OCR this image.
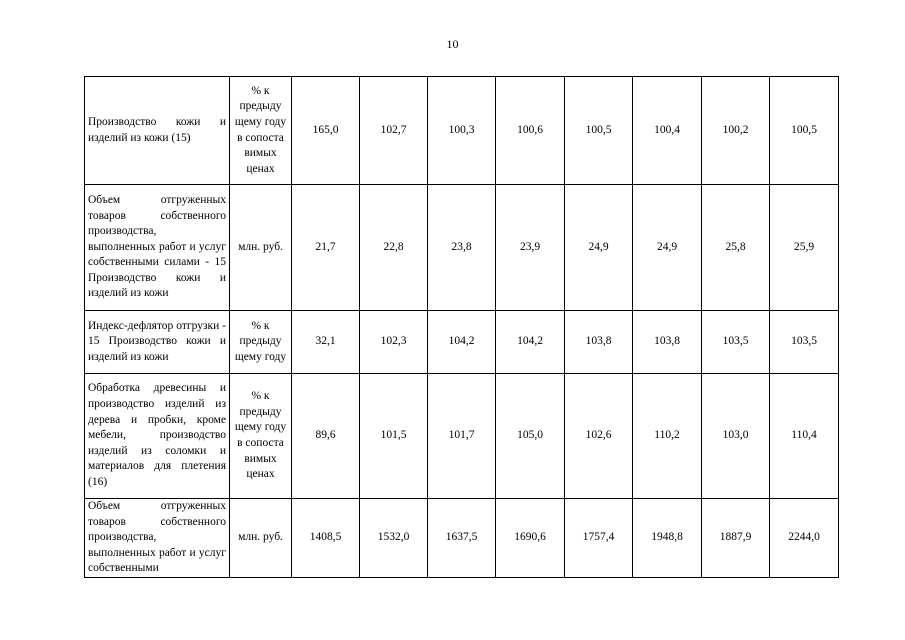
10
Производство кожи и изделий из кожи (15)	% к предыду щему году в сопоста вимых ценах	165,0	102,7	100,3	100,6	100,5	100,4	100,2	100,5
Объем отгруженных товаров собственного производства, выполненных работ и услуг собственными силами - 15 Производство кожи и изделий из кожи	млн. руб.	21,7	22,8	23,8	23,9	24,9	24,9	25,8	25,9
Индекс-дефлятор отгрузки - 15 Производство кожи и изделий из кожи	% к предыду щему году	32,1	102,3	104,2	104,2	103,8	103,8	103,5	103,5
Обработка древесины и производство изделий из дерева и пробки, кроме мебели, производство изделий из соломки и материалов для плетения (16)	% к предыду щему году в сопоста вимых ценах	89,6	101,5	101,7	105,0	102,6	110,2	103,0	110,4
Объем отгруженных товаров собственного производства, выполненных работ и услуг собственными	млн. руб.	1408,5	1532,0	1637,5	1690,6	1757,4	1948,8	1887,9	2244,0
